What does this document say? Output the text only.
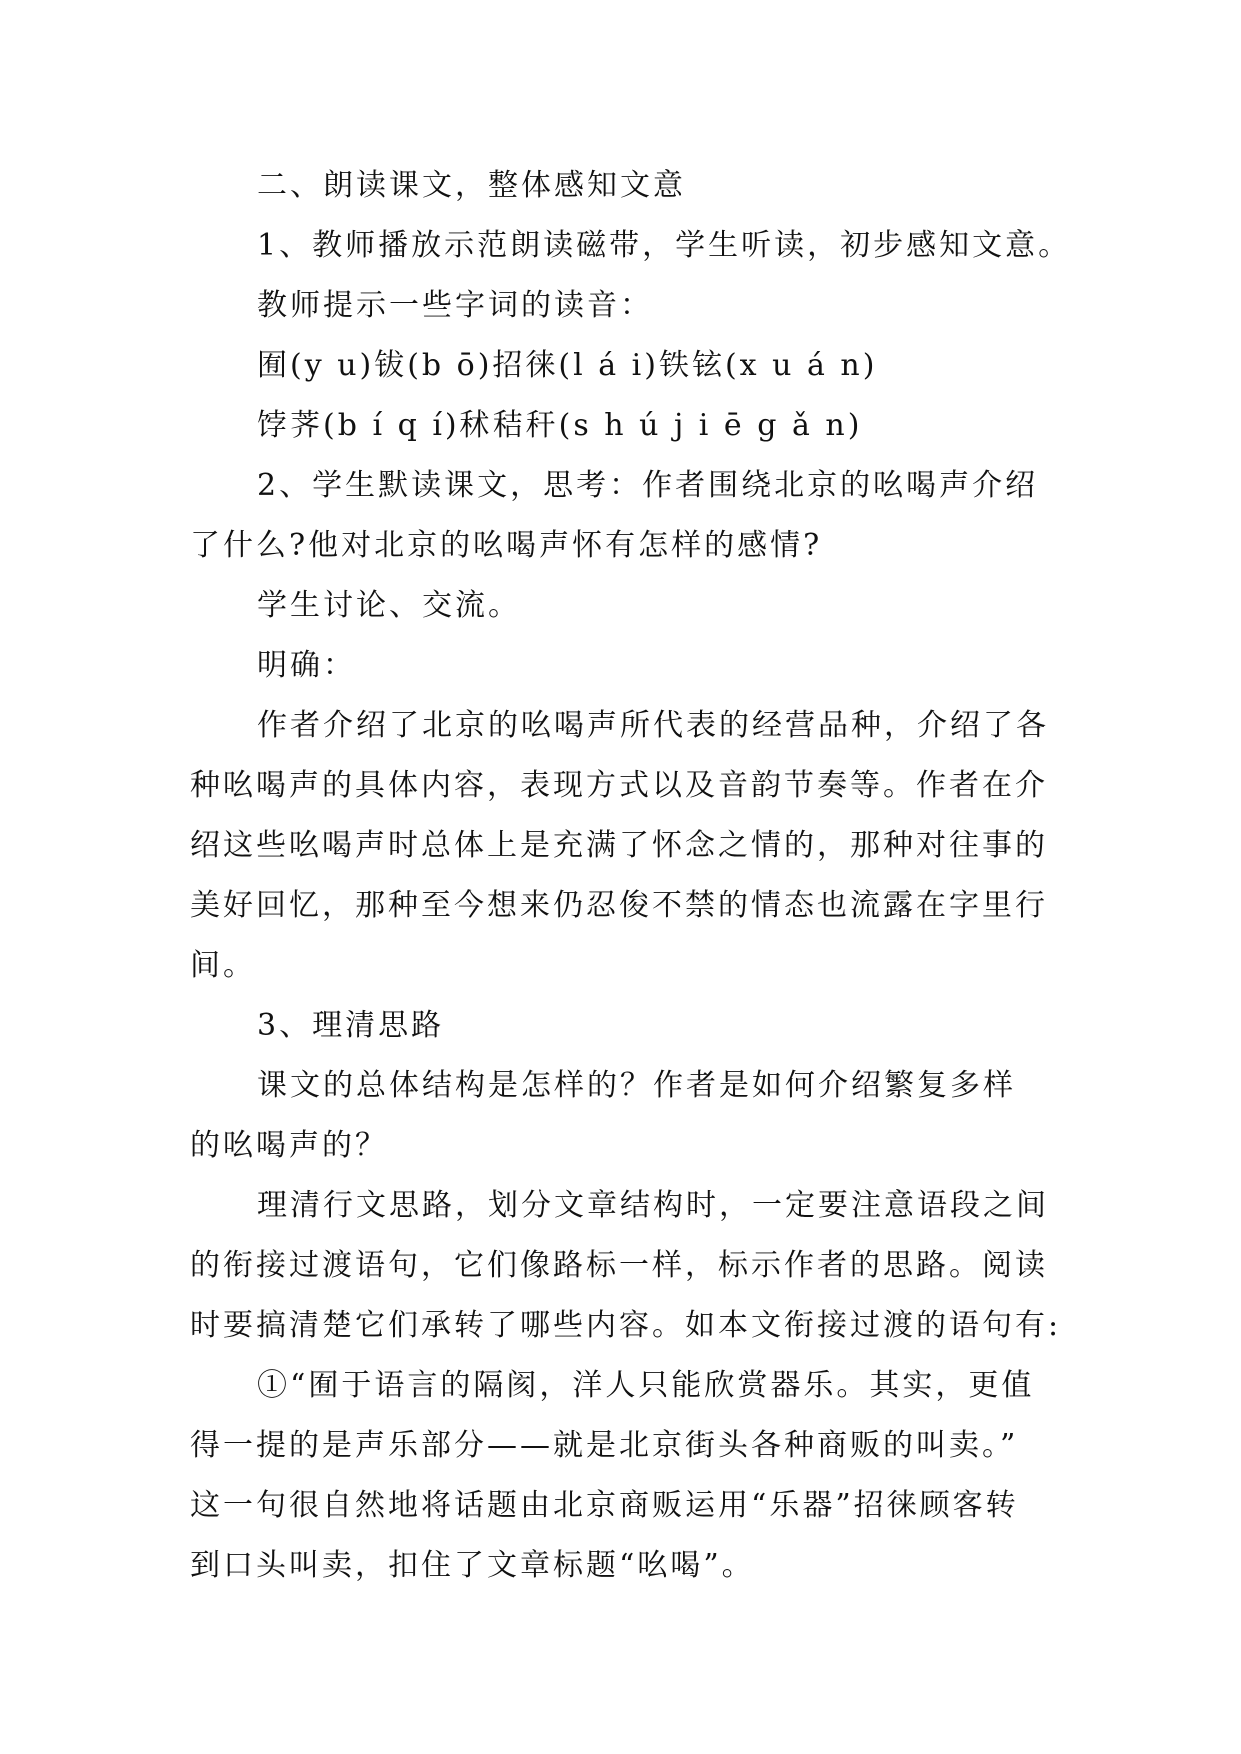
二、朗读课文，整体感知文意
1、教师播放示范朗读磁带，学生听读，初步感知文意。
教师提示一些字词的读音：
囿(y u)钹(b ō)招徕(l á i)铁铉(x u á n)
饽荠(b í q í)秫秸秆(s h ú j i ē g ǎ n)
2、学生默读课文，思考：作者围绕北京的吆喝声介绍
了什么?他对北京的吆喝声怀有怎样的感情?
学生讨论、交流。
明确：
作者介绍了北京的吆喝声所代表的经营品种，介绍了各
种吆喝声的具体内容，表现方式以及音韵节奏等。作者在介
绍这些吆喝声时总体上是充满了怀念之情的，那种对往事的
美好回忆，那种至今想来仍忍俊不禁的情态也流露在字里行
间。
3、理清思路
课文的总体结构是怎样的？作者是如何介绍繁复多样
的吆喝声的？
理清行文思路，划分文章结构时，一定要注意语段之间
的衔接过渡语句，它们像路标一样，标示作者的思路。阅读
时要搞清楚它们承转了哪些内容。如本文衔接过渡的语句有:
①“囿于语言的隔阂，洋人只能欣赏器乐。其实，更值
得一提的是声乐部分——就是北京街头各种商贩的叫卖。”
这一句很自然地将话题由北京商贩运用“乐器”招徕顾客转
到口头叫卖，扣住了文章标题“吆喝”。
